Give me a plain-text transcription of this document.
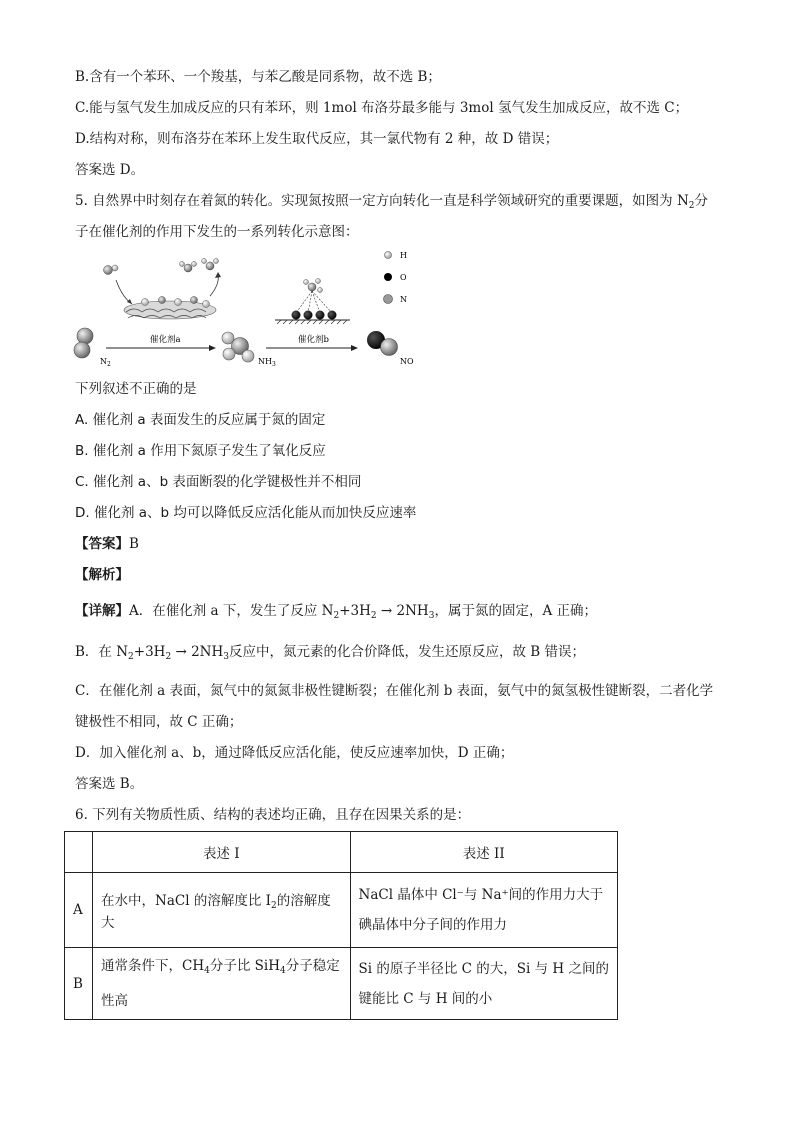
B.含有一个苯环、一个羧基，与苯乙酸是同系物，故不选 B；
C.能与氢气发生加成反应的只有苯环，则 1mol 布洛芬最多能与 3mol 氢气发生加成反应，故不选 C；
D.结构对称，则布洛芬在苯环上发生取代反应，其一氯代物有 2 种，故 D 错误；
答案选 D。
5. 自然界中时刻存在着氮的转化。实现氮按照一定方向转化一直是科学领域研究的重要课题，如图为 $N_2$分
子在催化剂的作用下发生的一系列转化示意图：
$N_2$
催化剂a
$NH_3$
催化剂b
NO
H
O
N
下列叙述不正确的是
A. 催化剂 a 表面发生的反应属于氮的固定
B. 催化剂 a 作用下氮原子发生了氧化反应
C. 催化剂 a、b 表面断裂的化学键极性并不相同
D. 催化剂 a、b 均可以降低反应活化能从而加快反应速率
【答案】B
【解析】
【详解】A．在催化剂 a 下，发生了反应 $N_2+3H_2 \to 2NH_3$，属于氮的固定，A 正确；
B．在 $N_2+3H_2 \to 2NH_3$反应中，氮元素的化合价降低，发生还原反应，故 B 错误；
C．在催化剂 a 表面，氮气中的氮氮非极性键断裂；在催化剂 b 表面，氨气中的氮氢极性键断裂，二者化学
键极性不相同，故 C 正确；
D．加入催化剂 a、b，通过降低反应活化能，使反应速率加快，D 正确；
答案选 B。
6. 下列有关物质性质、结构的表述均正确，且存在因果关系的是：
	表述 I	表述 II
A	在水中，NaCl 的溶解度比 $I_2$的溶解度大	NaCl 晶体中 Cl⁻与 Na⁺间的作用力大于
碘晶体中分子间的作用力

B	通常条件下，$CH_4$分子比 SiH$_4$分子稳定
性高	Si 的原子半径比 C 的大，Si 与 H 之间的
键能比 C 与 H 间的小
